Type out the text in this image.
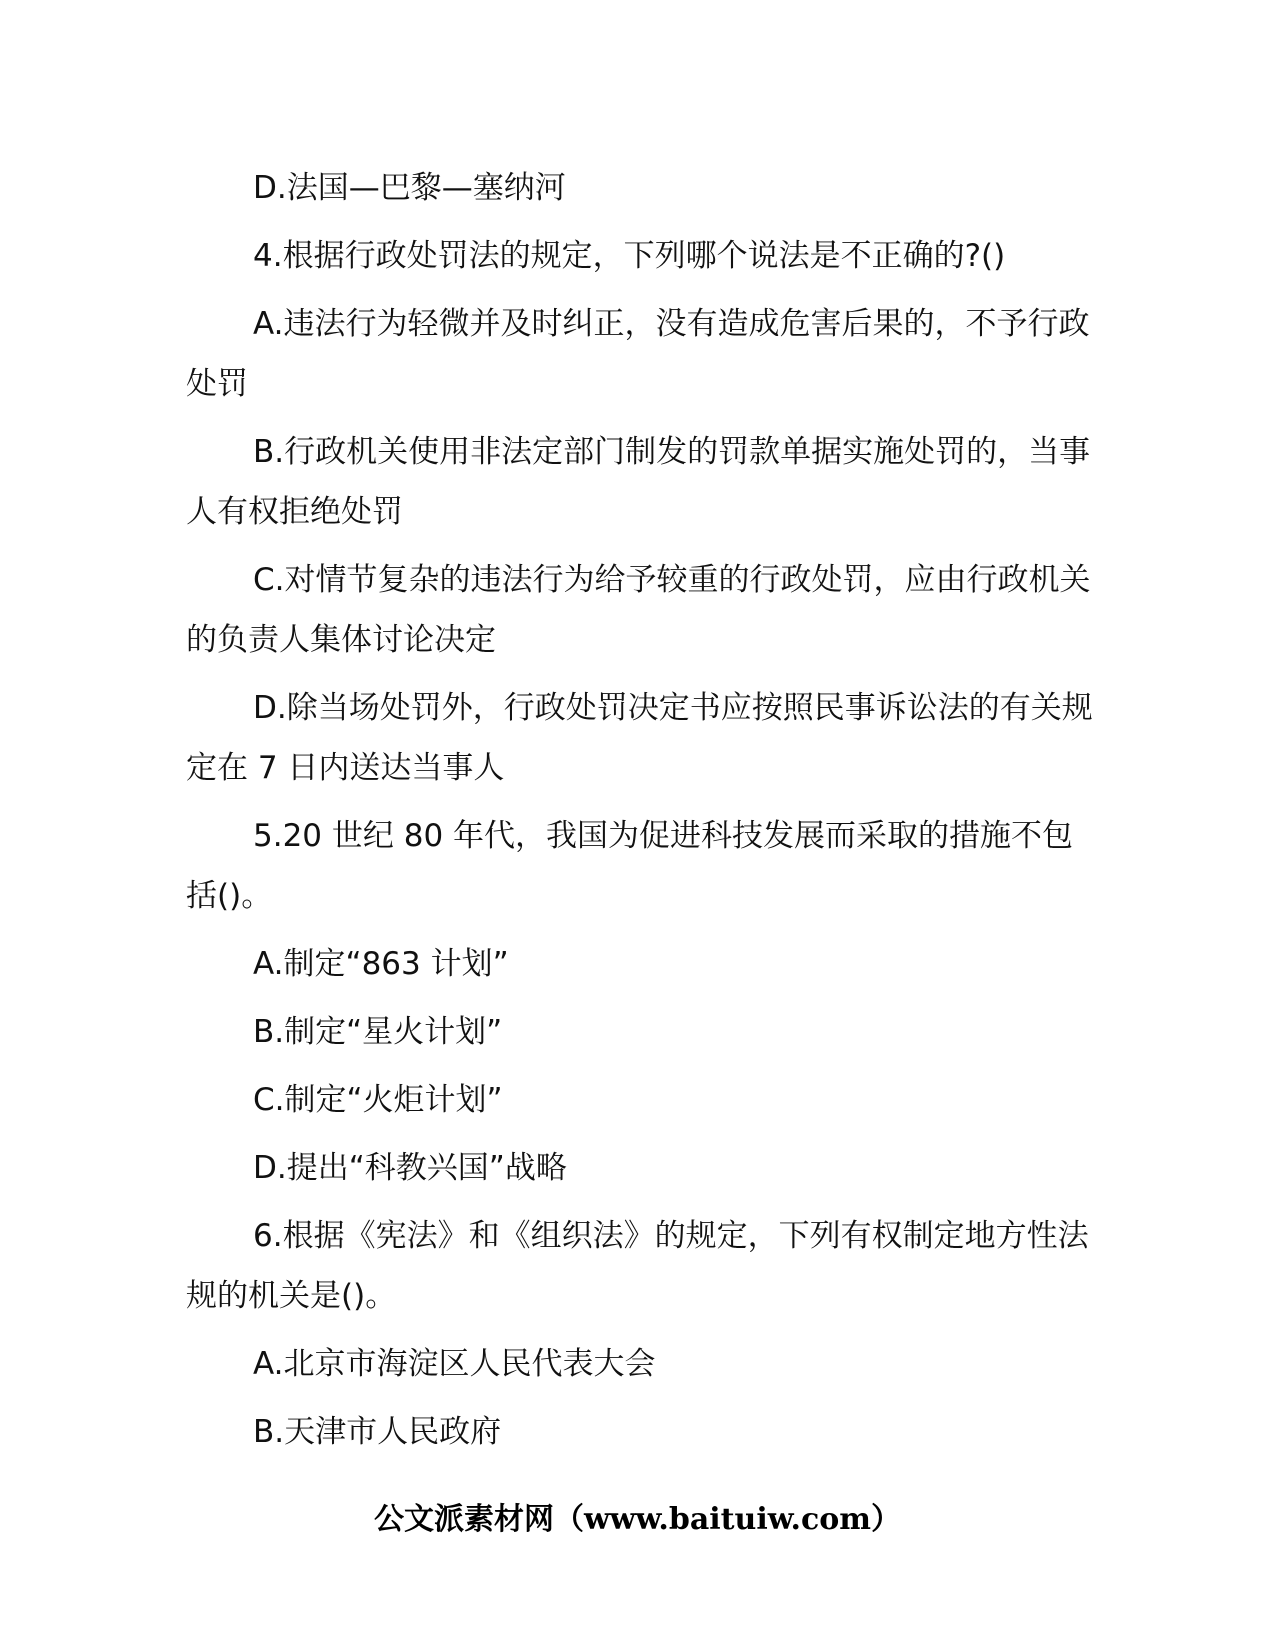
D.法国—巴黎—塞纳河

4.根据行政处罚法的规定，下列哪个说法是不正确的?()

A.违法行为轻微并及时纠正，没有造成危害后果的，不予行政处罚

B.行政机关使用非法定部门制发的罚款单据实施处罚的，当事人有权拒绝处罚

C.对情节复杂的违法行为给予较重的行政处罚，应由行政机关的负责人集体讨论决定

D.除当场处罚外，行政处罚决定书应按照民事诉讼法的有关规定在 7 日内送达当事人

5.20 世纪 80 年代，我国为促进科技发展而采取的措施不包括()。

A.制定“863 计划”

B.制定“星火计划”

C.制定“火炬计划”

D.提出“科教兴国”战略

6.根据《宪法》和《组织法》的规定，下列有权制定地方性法规的机关是()。

A.北京市海淀区人民代表大会

B.天津市人民政府

公文派素材网（www.baituiw.com）
